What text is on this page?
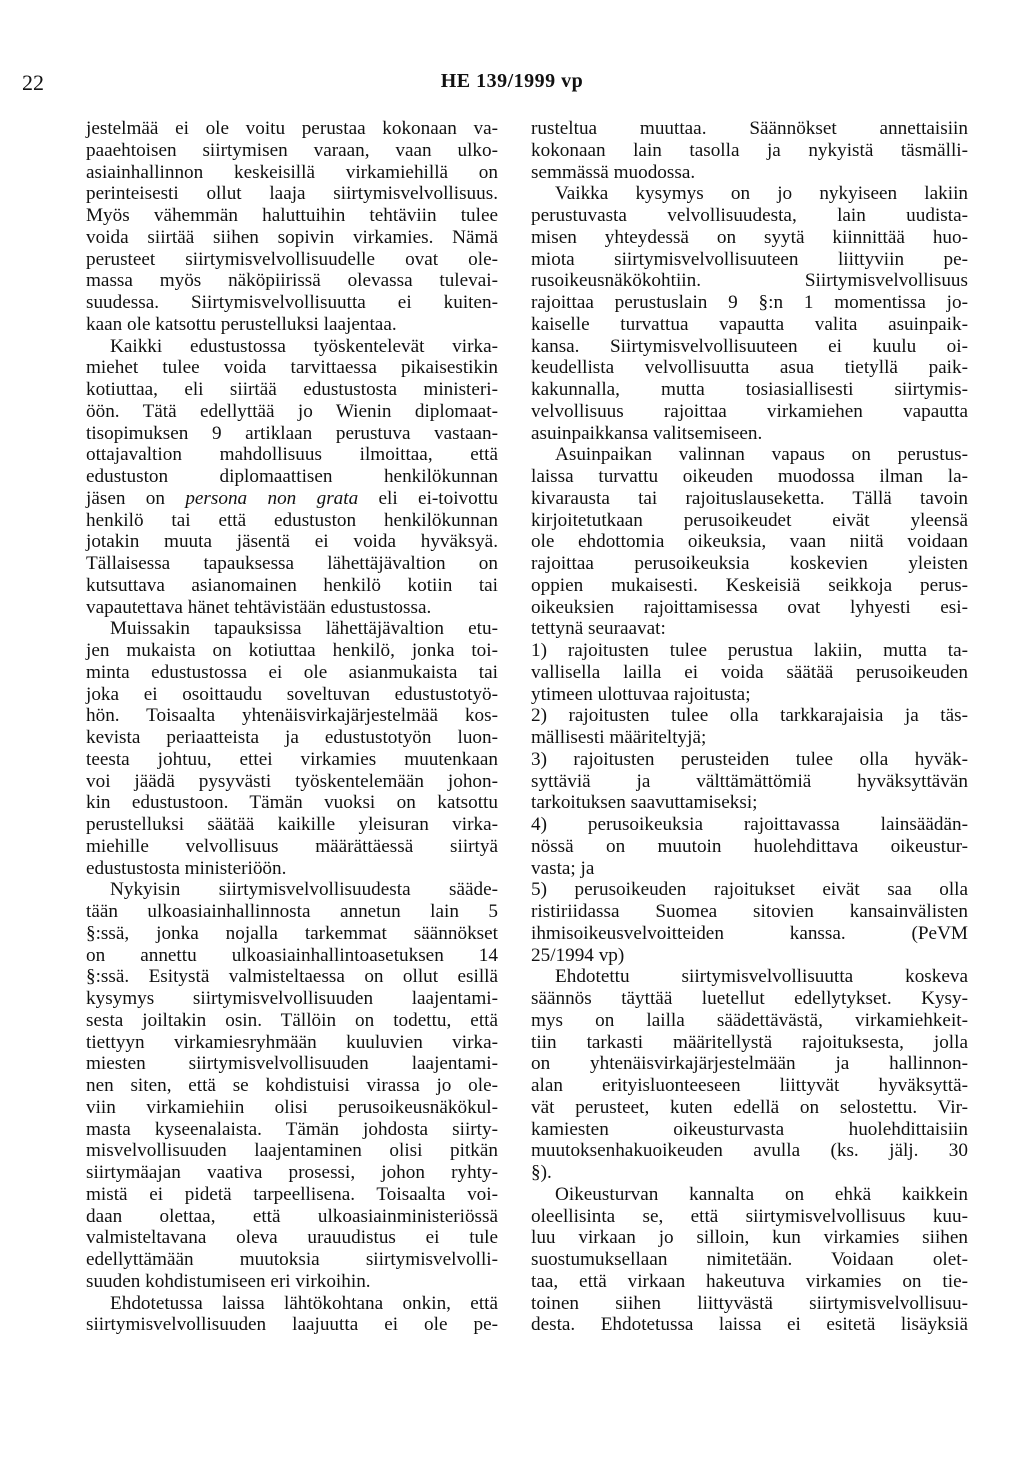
22	HE 139/1999 vp
jestelmää ei ole voitu perustaa kokonaan va-
paaehtoisen siirtymisen varaan, vaan ulko-
asiainhallinnon keskeisillä virkamiehillä on
perinteisesti ollut laaja siirtymisvelvollisuus.
Myös vähemmän haluttuihin tehtäviin tulee
voida siirtää siihen sopivin virkamies. Nämä
perusteet siirtymisvelvollisuudelle ovat ole-
massa myös näköpiirissä olevassa tulevai-
suudessa. Siirtymisvelvollisuutta ei kuiten-
kaan ole katsottu perustelluksi laajentaa.
Kaikki edustustossa työskentelevät virka-
miehet tulee voida tarvittaessa pikaisestikin
kotiuttaa, eli siirtää edustustosta ministeri-
öön. Tätä edellyttää jo Wienin diplomaat-
tisopimuksen 9 artiklaan perustuva vastaan-
ottajavaltion mahdollisuus ilmoittaa, että
edustuston diplomaattisen henkilökunnan
jäsen on persona non grata eli ei-toivottu
henkilö tai että edustuston henkilökunnan
jotakin muuta jäsentä ei voida hyväksyä.
Tällaisessa tapauksessa lähettäjävaltion on
kutsuttava asianomainen henkilö kotiin tai
vapautettava hänet tehtävistään edustustossa.
Muissakin tapauksissa lähettäjävaltion etu-
jen mukaista on kotiuttaa henkilö, jonka toi-
minta edustustossa ei ole asianmukaista tai
joka ei osoittaudu soveltuvan edustustotyö-
hön. Toisaalta yhtenäisvirkajärjestelmää kos-
kevista periaatteista ja edustustotyön luon-
teesta johtuu, ettei virkamies muutenkaan
voi jäädä pysyvästi työskentelemään johon-
kin edustustoon. Tämän vuoksi on katsottu
perustelluksi säätää kaikille yleisuran virka-
miehille velvollisuus määrättäessä siirtyä
edustustosta ministeriöön.
Nykyisin siirtymisvelvollisuudesta sääde-
tään ulkoasiainhallinnosta annetun lain 5
§:ssä, jonka nojalla tarkemmat säännökset
on annettu ulkoasiainhallintoasetuksen 14
§:ssä. Esitystä valmisteltaessa on ollut esillä
kysymys siirtymisvelvollisuuden laajentami-
sesta joiltakin osin. Tällöin on todettu, että
tiettyyn virkamiesryhmään kuuluvien virka-
miesten siirtymisvelvollisuuden laajentami-
nen siten, että se kohdistuisi virassa jo ole-
viin virkamiehiin olisi perusoikeusnäkökul-
masta kyseenalaista. Tämän johdosta siirty-
misvelvollisuuden laajentaminen olisi pitkän
siirtymäajan vaativa prosessi, johon ryhty-
mistä ei pidetä tarpeellisena. Toisaalta voi-
daan olettaa, että ulkoasiainministeriössä
valmisteltavana oleva urauudistus ei tule
edellyttämään muutoksia siirtymisvelvolli-
suuden kohdistumiseen eri virkoihin.
Ehdotetussa laissa lähtökohtana onkin, että
siirtymisvelvollisuuden laajuutta ei ole pe-
rusteltua muuttaa. Säännökset annettaisiin
kokonaan lain tasolla ja nykyistä täsmälli-
semmässä muodossa.
Vaikka kysymys on jo nykyiseen lakiin
perustuvasta velvollisuudesta, lain uudista-
misen yhteydessä on syytä kiinnittää huo-
miota siirtymisvelvollisuuteen liittyviin pe-
rusoikeusnäkökohtiin. Siirtymisvelvollisuus
rajoittaa perustuslain 9 §:n 1 momentissa jo-
kaiselle turvattua vapautta valita asuinpaik-
kansa. Siirtymisvelvollisuuteen ei kuulu oi-
keudellista velvollisuutta asua tietyllä paik-
kakunnalla, mutta tosiasiallisesti siirtymis-
velvollisuus rajoittaa virkamiehen vapautta
asuinpaikkansa valitsemiseen.
Asuinpaikan valinnan vapaus on perustus-
laissa turvattu oikeuden muodossa ilman la-
kivarausta tai rajoituslauseketta. Tällä tavoin
kirjoitetutkaan perusoikeudet eivät yleensä
ole ehdottomia oikeuksia, vaan niitä voidaan
rajoittaa perusoikeuksia koskevien yleisten
oppien mukaisesti. Keskeisiä seikkoja perus-
oikeuksien rajoittamisessa ovat lyhyesti esi-
tettynä seuraavat:
1) rajoitusten tulee perustua lakiin, mutta ta-
vallisella lailla ei voida säätää perusoikeuden
ytimeen ulottuvaa rajoitusta;
2) rajoitusten tulee olla tarkkarajaisia ja täs-
mällisesti määriteltyjä;
3) rajoitusten perusteiden tulee olla hyväk-
syttäviä ja välttämättömiä hyväksyttävän
tarkoituksen saavuttamiseksi;
4) perusoikeuksia rajoittavassa lainsäädän-
nössä on muutoin huolehdittava oikeustur-
vasta; ja
5) perusoikeuden rajoitukset eivät saa olla
ristiriidassa Suomea sitovien kansainvälisten
ihmisoikeusvelvoitteiden kanssa. (PeVM
25/1994 vp)
Ehdotettu siirtymisvelvollisuutta koskeva
säännös täyttää luetellut edellytykset. Kysy-
mys on lailla säädettävästä, virkamiehkeit-
tiin tarkasti määritellystä rajoituksesta, jolla
on yhtenäisvirkajärjestelmään ja hallinnon-
alan erityisluonteeseen liittyvät hyväksyttä-
vät perusteet, kuten edellä on selostettu. Vir-
kamiesten oikeusturvasta huolehdittaisiin
muutoksenhakuoikeuden avulla (ks. jälj. 30
§).
Oikeusturvan kannalta on ehkä kaikkein
oleellisinta se, että siirtymisvelvollisuus kuu-
luu virkaan jo silloin, kun virkamies siihen
suostumuksellaan nimitetään. Voidaan olet-
taa, että virkaan hakeutuva virkamies on tie-
toinen siihen liittyvästä siirtymisvelvollisuu-
desta. Ehdotetussa laissa ei esitetä lisäyksiä
